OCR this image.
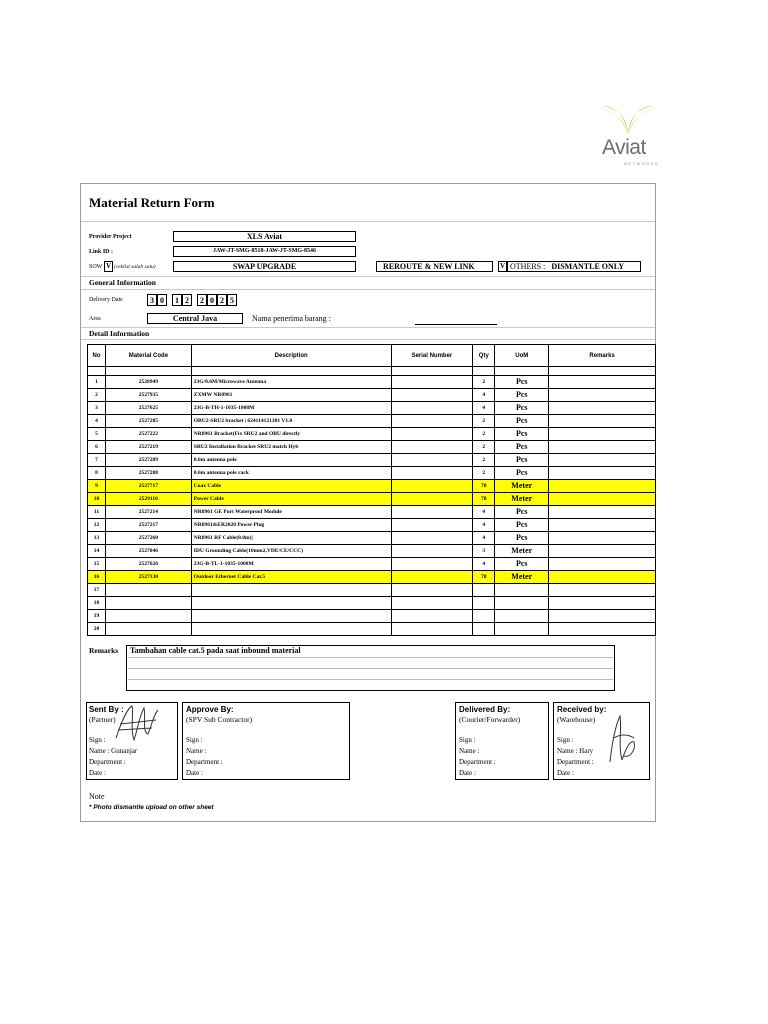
Aviat
NETWORKS
Material Return Form
Provider Project	XLS Aviat
Link ID :	JAW-JT-SMG-8518-JAW-JT-SMG-8546
SOW V (ceklist salah satu)	SWAP UPGRADE	REROUTE & NEW LINK	V OTHERS : DISMANTLE ONLY
General Information
Delivery Date	3 0	1 2	2 0 2 5
Area	Central Java	Nama penerima barang :
Detail Information
No	Material Code	Description	Serial Number	Qty	UoM	Remarks

1	2528949	23G/0.6M/Microwave Antenna		2	Pcs	
2	2527935	ZXMW NR8961		4	Pcs	
3	2527625	23G-B-TH-1-1035-1008M		4	Pcs	
4	2527285	OBU2-SRU2 bracket | 624114121301 V1.0		2	Pcs	
5	2527222	NR8961 Bracket(Fix SRU2 and OBU directly		2	Pcs	
6	2527219	SRU2 Installation Bracket SRU2 match Hyb		2	Pcs	
7	2527289	0.6m antenna pole		2	Pcs	
8	2527288	0.6m antenna pole rack		2	Pcs	
9	2527717	Coax Cable		78	Meter	
10	2529116	Power Cable		78	Meter	
11	2527214	NR8961 GE Port Waterproof Module		4	Pcs	
12	2527217	NR8961&ER2020 Power Plug		4	Pcs	
13	2527260	NR8961 RF Cable(0.8m)|		4	Pcs	
14	2527046	IDU Grounding Cable(10mm2,VDE/CE/CCC)		3	Meter	
15	2527626	23G-B-TL-1-1035-1008M		4	Pcs	
16	2527130	Outdoor Ethernet Cable Cat.5		78	Meter	
17						
18						
19						
20						
Remarks Tambahan cable cat.5 pada saat inbound material
Sent By :
(Partner)
Sign :
Name : Gunanjar
Department :
Date :
Approve By:
(SPV Sub Contractor)
Sign :
Name :
Department :
Date :
Delivered By:
(Courier/Forwarder)
Sign :
Name :
Department :
Date :
Received by:
(Warehouse)
Sign :
Name : Hary
Department :
Date :
Note
* Photo dismantle upload on other sheet
